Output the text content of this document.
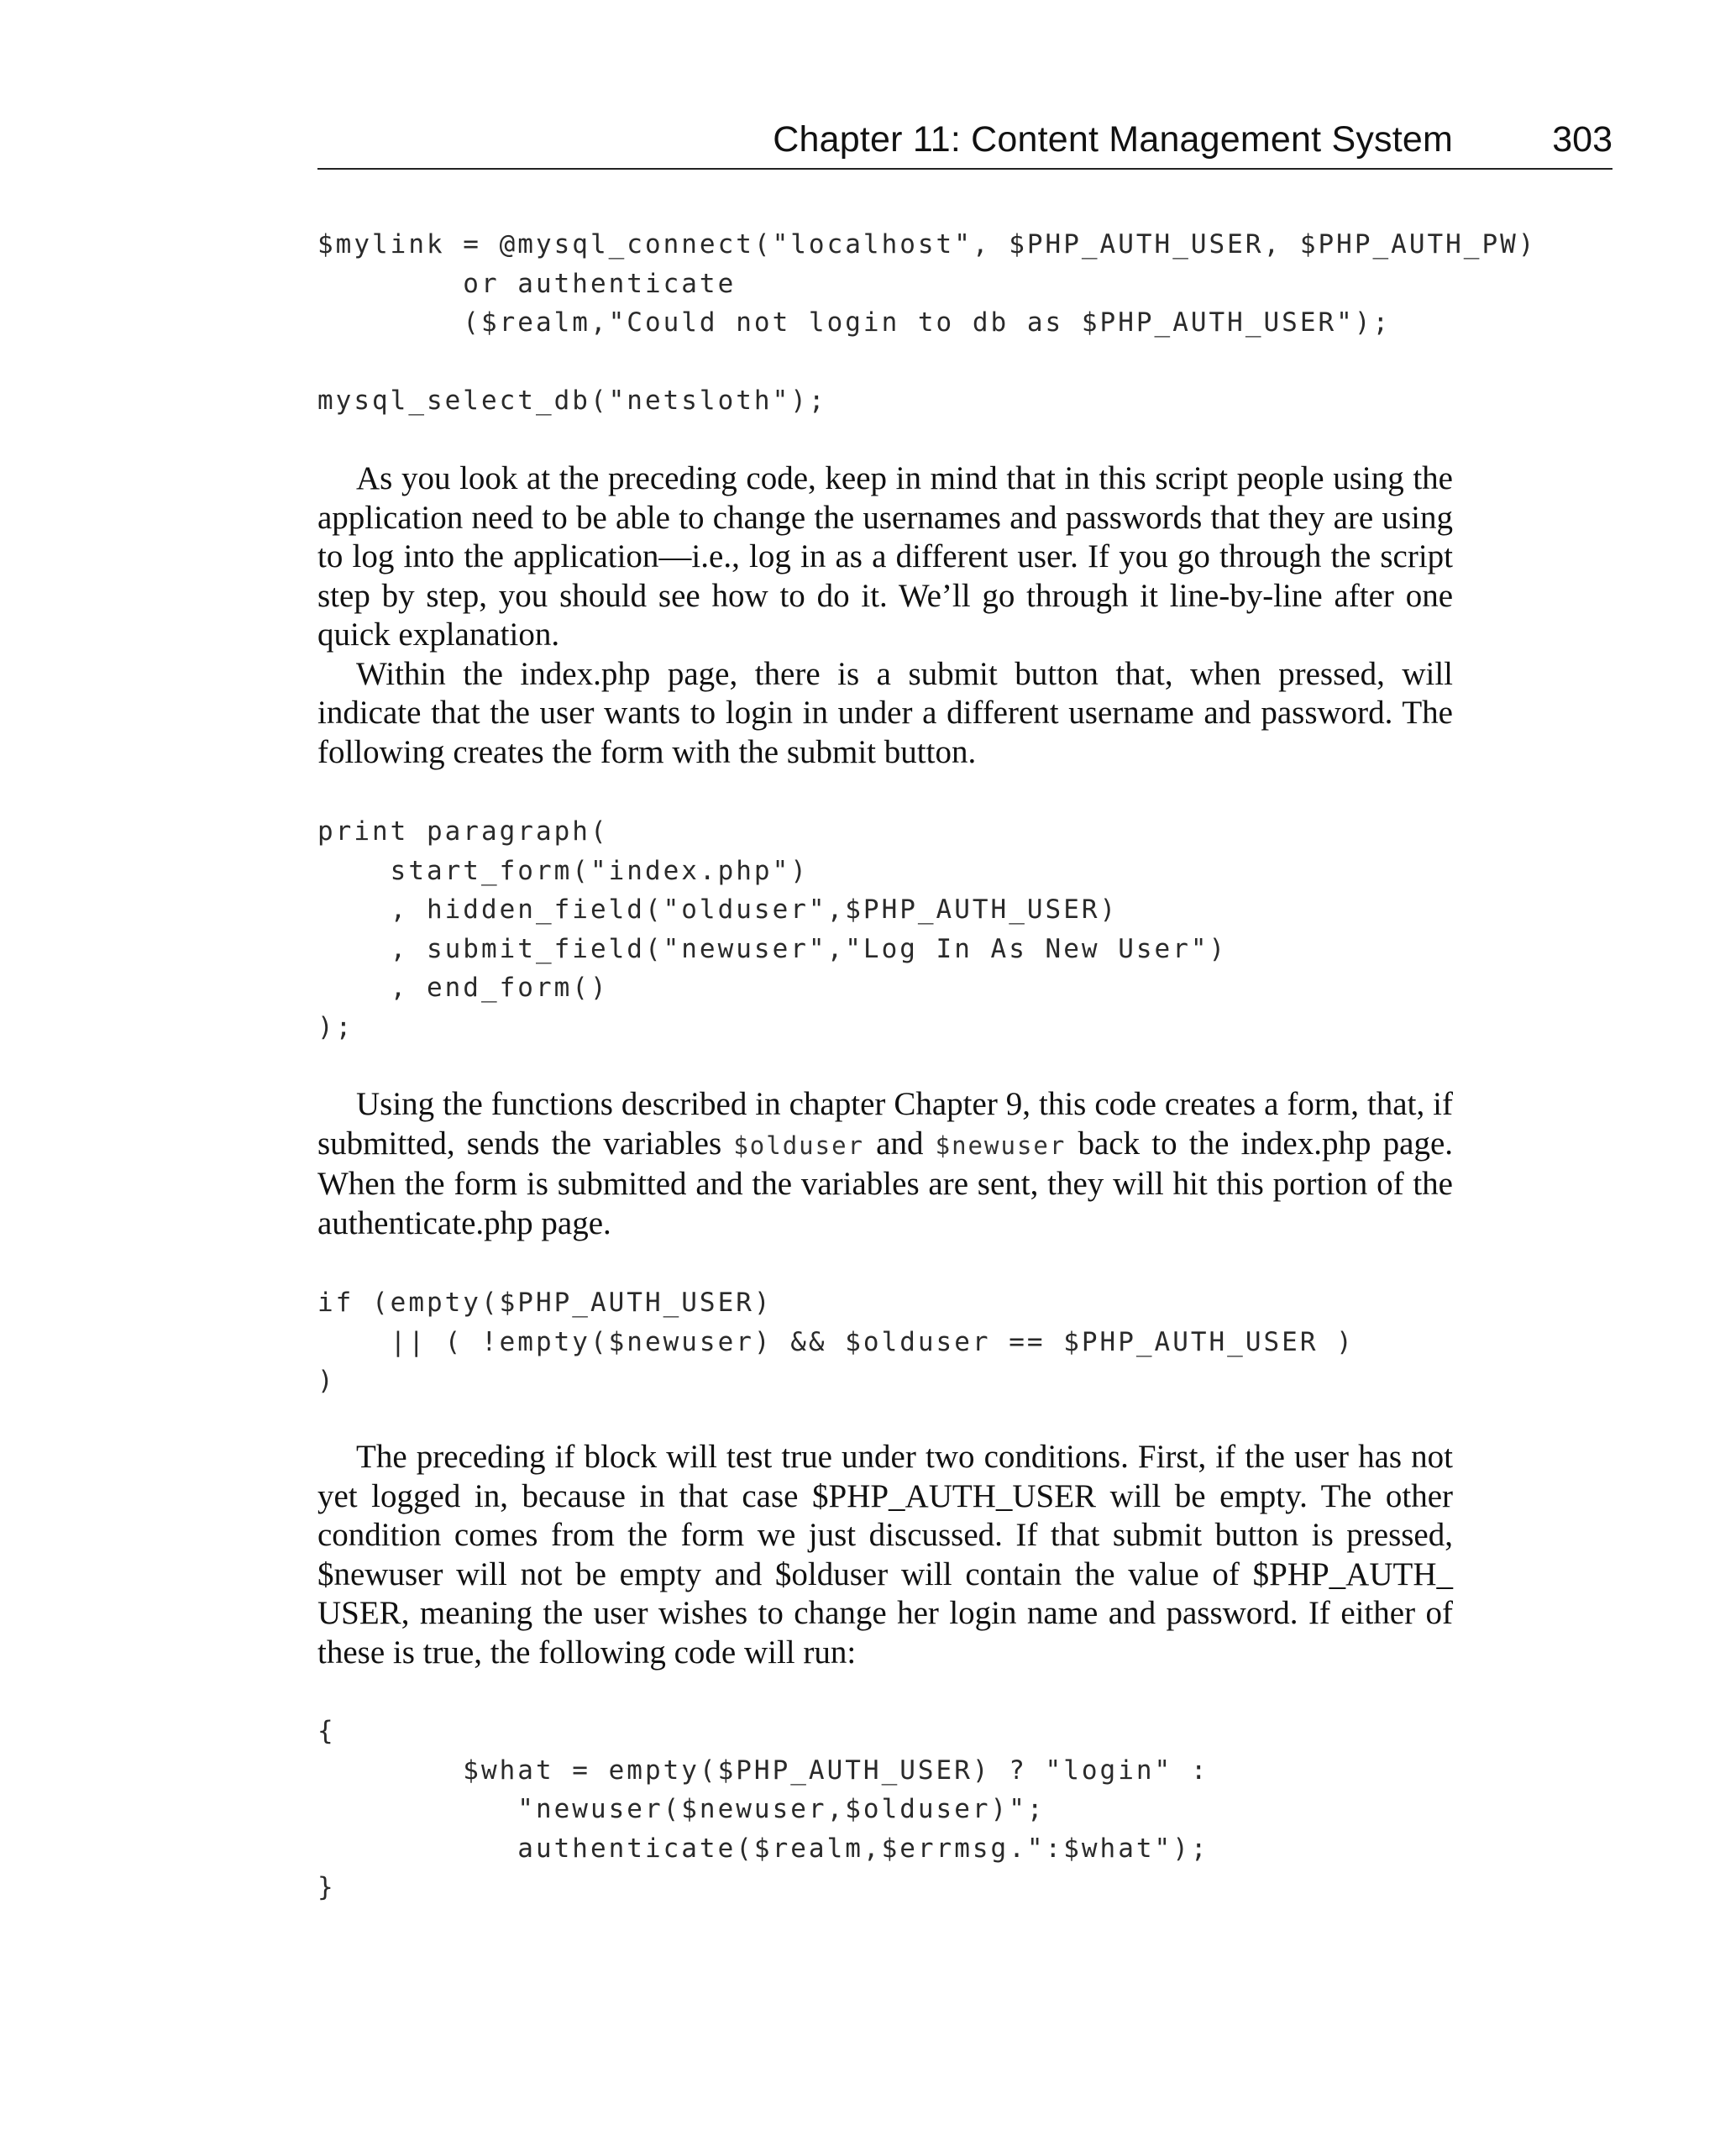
Chapter 11: Content Management System	303
$mylink = @mysql_connect("localhost", $PHP_AUTH_USER, $PHP_AUTH_PW)
or authenticate
($realm,"Could not login to db as $PHP_AUTH_USER");

mysql_select_db("netsloth");

As you look at the preceding code, keep in mind that in this script people using the application need to be able to change the usernames and passwords that they are using to log into the application—i.e., log in as a different user. If you go through the script step by step, you should see how to do it. We’ll go through it line-by-line after one quick explanation.

Within the index.php page, there is a submit button that, when pressed, will indicate that the user wants to login in under a different username and password. The following creates the form with the submit button.

print paragraph(
start_form("index.php")
, hidden_field("olduser",$PHP_AUTH_USER)
, submit_field("newuser","Log In As New User")
, end_form()
);

Using the functions described in chapter Chapter 9, this code creates a form, that, if submitted, sends the variables $olduser and $newuser back to the index.php page. When the form is submitted and the variables are sent, they will hit this portion of the authenticate.php page.

if (empty($PHP_AUTH_USER)
|| ( !empty($newuser) && $olduser == $PHP_AUTH_USER )
)

The preceding if block will test true under two conditions. First, if the user has not yet logged in, because in that case $PHP_AUTH_USER will be empty. The other condition comes from the form we just discussed. If that submit button is pressed, $newuser will not be empty and $olduser will contain the value of $PHP_AUTH_​USER, meaning the user wishes to change her login name and password. If either of these is true, the following code will run:

{
$what = empty($PHP_AUTH_USER) ? "login" :
"newuser($newuser,$olduser)";
authenticate($realm,$errmsg.":$what");
}
